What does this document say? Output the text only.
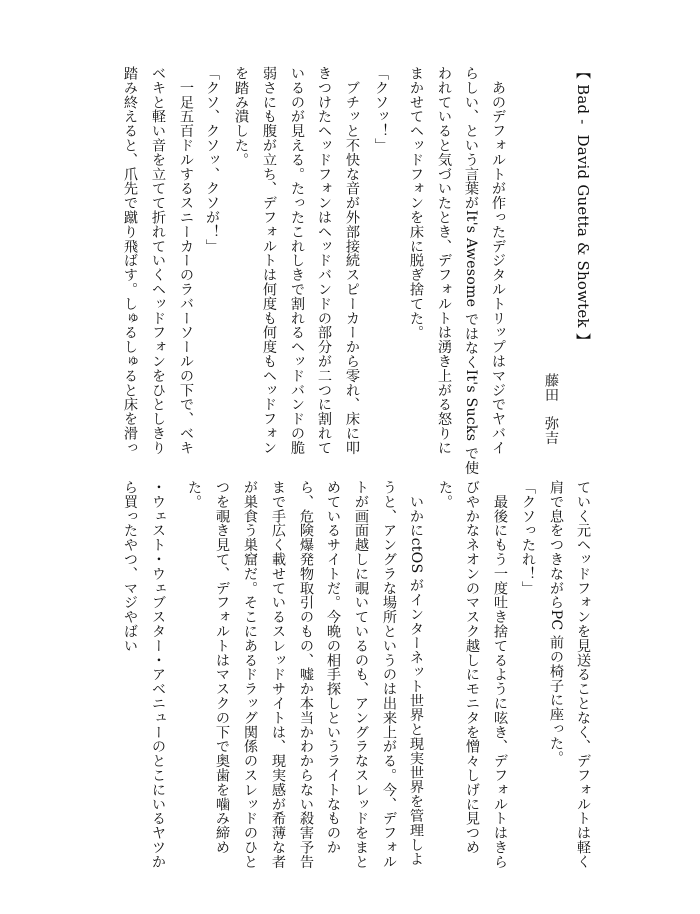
【 Bad -  David Guetta & Showtek 】
藤田　弥吉
　あのデフォルトが作ったデジタルトリップはマジでヤバイ
らしい、という言葉がIt's Awesome ではなくIt's Sucks で使
われていると気づいたとき、デフォルトは湧き上がる怒りに
まかせてヘッドフォンを床に脱ぎ捨てた。
「クソッ！」
　ブチッと不快な音が外部接続スピーカーから零れ、床に叩
きつけたヘッドフォンはヘッドバンドの部分が二つに割れて
いるのが見える。たったこれしきで割れるヘッドバンドの脆
弱さにも腹が立ち、デフォルトは何度も何度もヘッドフォン
を踏み潰した。
「クソ、クソッ、クソが！」
　一足五百ドルするスニーカーのラバーソールの下で、ベキ
ベキと軽い音を立てて折れていくヘッドフォンをひとしきり
踏み終えると、爪先で蹴り飛ばす。しゅるしゅると床を滑っ
ていく元ヘッドフォンを見送ることなく、デフォルトは軽く
肩で息をつきながらPC 前の椅子に座った。
「クソったれ！」
　最後にもう一度吐き捨てるように呟き、デフォルトはきら
びやかなネオンのマスク越しにモニタを憎々しげに見つめ
た。
　いかにctOS がインターネット世界と現実世界を管理しよ
うと、アングラな場所というのは出来上がる。今、デフォル
トが画面越しに覗いているのも、アングラなスレッドをまと
めているサイトだ。今晩の相手探しというライトなものか
ら、危険爆発物取引のもの、嘘か本当かわからない殺害予告
まで手広く載せているスレッドサイトは、現実感が希薄な者
が巣食う巣窟だ。そこにあるドラッグ関係のスレッドのひと
つを覗き見て、デフォルトはマスクの下で奥歯を噛み締め
た。
・ウェスト・ウェブスター・アベニューのとこにいるヤツか
ら買ったやつ、マジやばい
